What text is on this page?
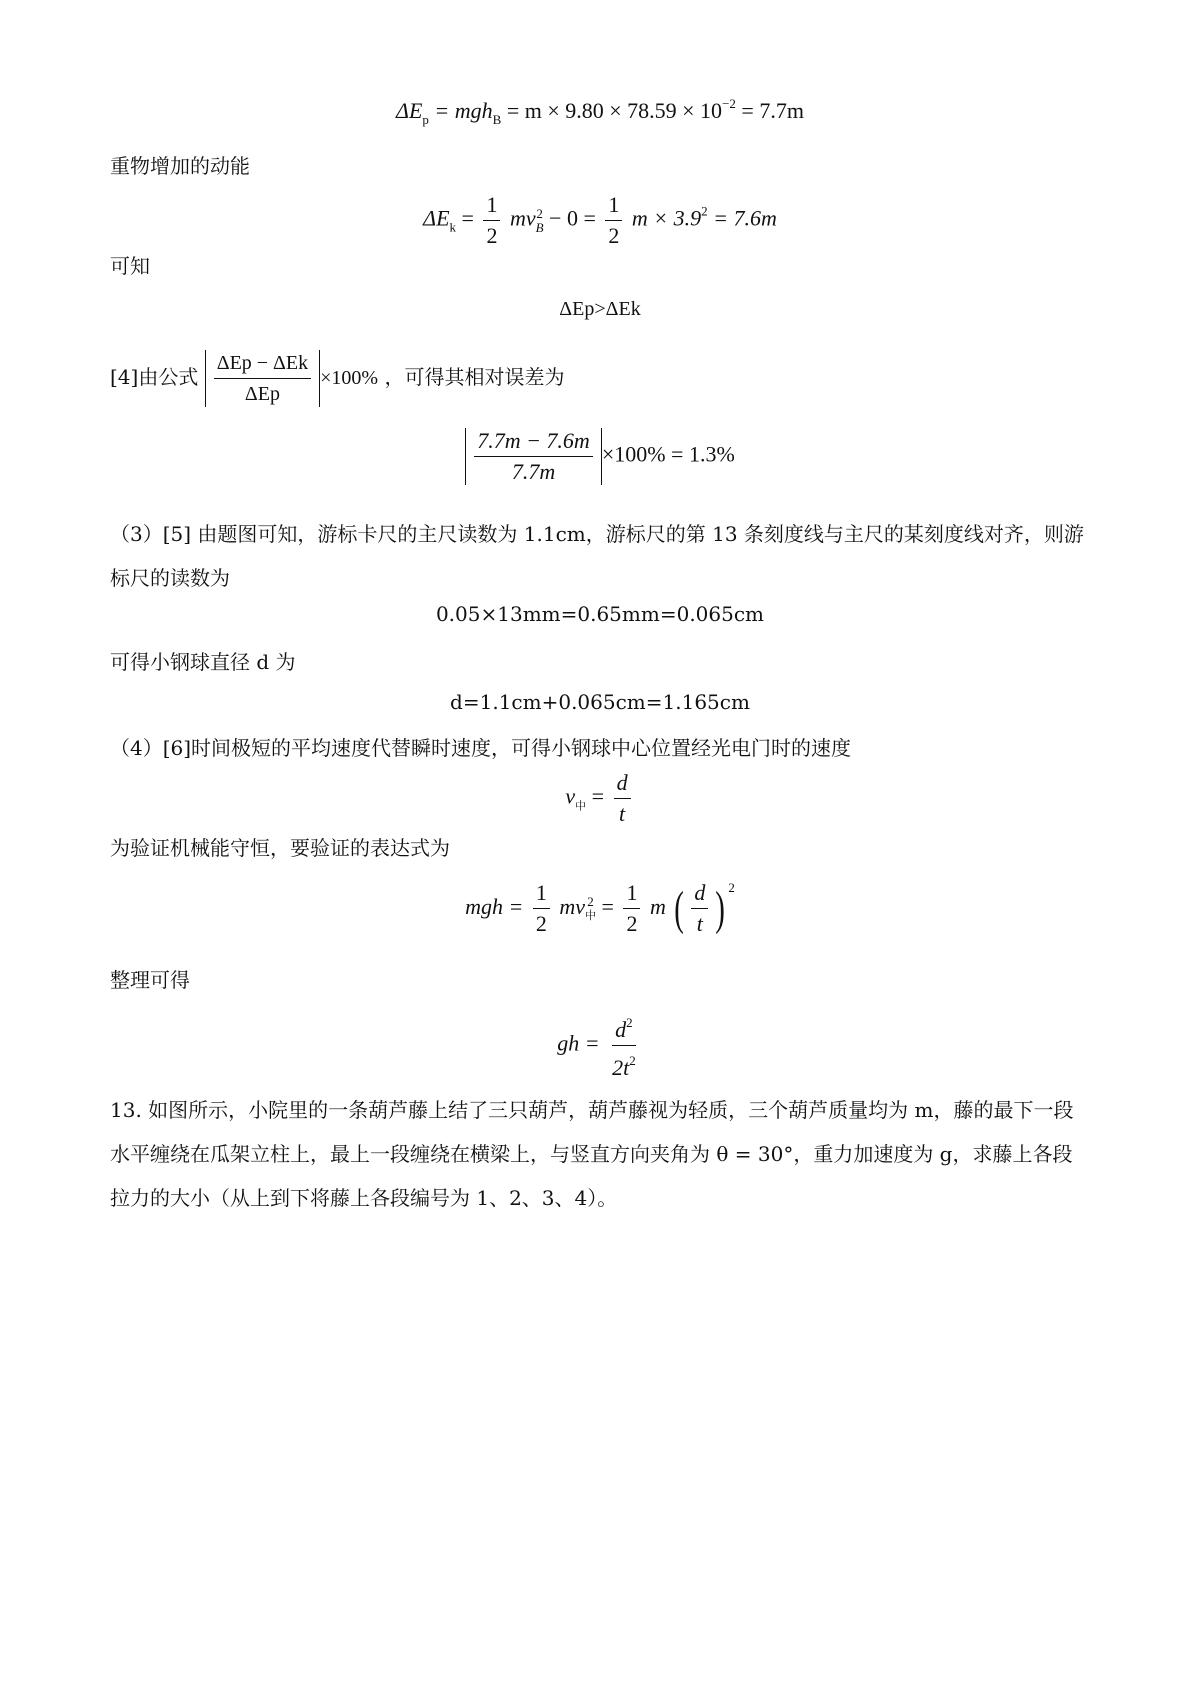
$\Delta E_p = mgh_B = m \times 9.80 \times 78.59 \times 10^{-2} = 7.7m$
重物增加的动能
$\Delta E_k = \frac{1}{2}$ mv 2
$B - 0 = \frac{1}{2}$ $m \times 3.9^2 = 7.6m$
可知
ΔEp>ΔEk
[4]由公式 $\frac{\text{ΔEp − ΔEk}}{\text{ΔEp}} \times 100\%$ ，可得其相对误差为
$\frac{7.7m - 7.6m}{7.7m} \times 100\% = 1.3\%$
（3）[5] 由题图可知，游标卡尺的主尺读数为 1.1cm，游标尺的第 13 条刻度线与主尺的某刻度线对齐，则游标尺的读数为
0.05×13mm=0.65mm=0.065cm
可得小钢球直径 d 为
d=1.1cm+0.065cm=1.165cm
（4）[6]时间极短的平均速度代替瞬时速度，可得小钢球中心位置经光电门时的速度
$v_中 = \frac{d}{t}$
为验证机械能守恒，要验证的表达式为
mgh = $\frac{1}{2}$ mv 2
中 = $\frac{1}{2}$ m ( $\frac{d}{t}$ ) $^2$
整理可得
gh = $\frac{d^2}{2t^2}$
13. 如图所示，小院里的一条葫芦藤上结了三只葫芦，葫芦藤视为轻质，三个葫芦质量均为 m，藤的最下一段水平缠绕在瓜架立柱上，最上一段缠绕在横梁上，与竖直方向夹角为 θ = 30°，重力加速度为 g，求藤上各段拉力的大小（从上到下将藤上各段编号为 1、2、3、4）。
